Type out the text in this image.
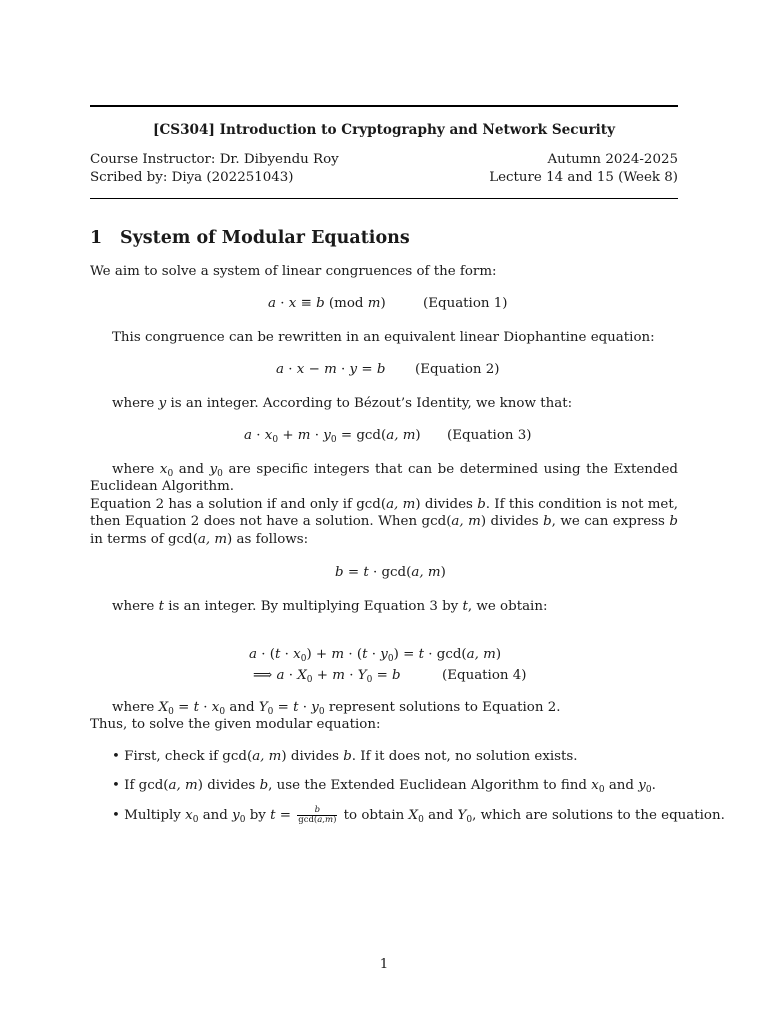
[CS304] Introduction to Cryptography and Network Security
Course Instructor: Dr. Dibyendu Roy	Autumn 2024-2025
Scribed by: Diya (202251043)	Lecture 14 and 15 (Week 8)
1 System of Modular Equations
We aim to solve a system of linear congruences of the form:
a · x ≡ b (mod m)	(Equation 1)
This congruence can be rewritten in an equivalent linear Diophantine equation:
a · x − m · y = b (Equation 2)
where y is an integer. According to Bézout’s Identity, we know that:
$a \cdot x_0 + m \cdot y_0 = \gcd(a$, m) (Equation 3)
where $x_0$ and $y_0$ are specific integers that can be determined using the Extended Euclidean Algorithm.
Equation 2 has a solution if and only if gcd(a, m) divides b. If this condition is not met, then Equation 2 does not have a solution. When gcd(a, m) divides b, we can express b in terms of gcd(a, m) as follows:
b = t · gcd(a, m)
where t is an integer. By multiplying Equation 3 by t, we obtain:
$a \cdot (t \cdot x_0) + m \cdot (t \cdot y_0) = t \cdot \gcd(a$, m)
⟹ $a \cdot X_0 + m \cdot Y_0 = b$	(Equation 4)
where $X_0 = t \cdot x_0$ and $Y_0 = t \cdot y_0$ represent solutions to Equation 2.
Thus, to solve the given modular equation:
• First, check if gcd(a, m) divides b. If it does not, no solution exists.
• If gcd(a, m) divides b, use the Extended Euclidean Algorithm to find $x_0$ and $y_0$.
• Multiply $x_0$ and $y_0$ by $t = \frac{b}{\gcd(a,m)}$ to obtain $X_0$ and $Y_0$, which are solutions to the equation.
1
